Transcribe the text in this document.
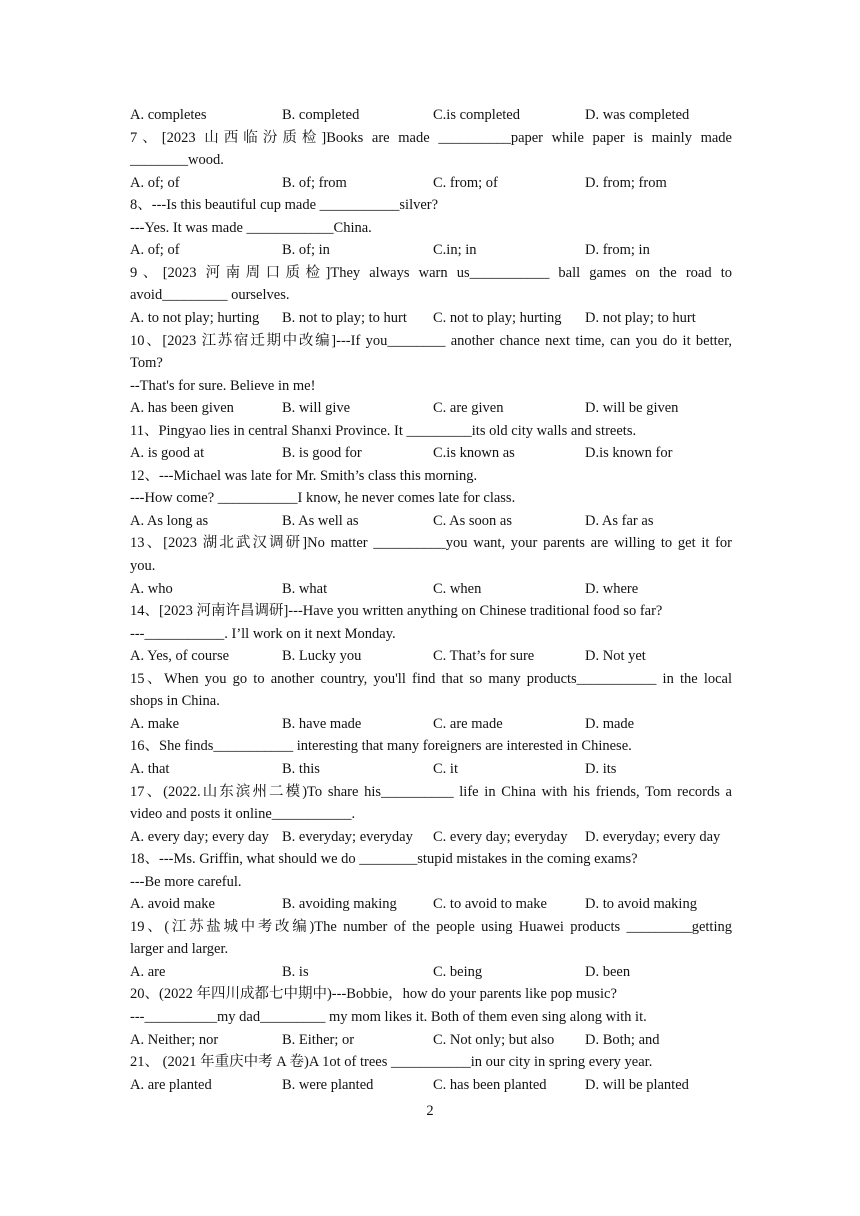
A. completes	B. completed	C.is completed	D. was completed
7、[2023 山西临汾质检]Books are made __________paper while paper is mainly made
________wood.
A. of; of	B. of; from	C. from; of	D. from; from
8、---Is this beautiful cup made ___________silver?
---Yes. It was made ____________China.
A. of; of	B. of; in	C.in; in	D. from; in
9、[2023 河南周口质检]They always warn us___________ ball games on the road to
avoid_________ ourselves.
A. to not play; hurting	B. not to play; to hurt	C. not to play; hurting	D. not play; to hurt
10、[2023 江苏宿迁期中改编]---If you________ another chance next time, can you do it better,
Tom?
--That's for sure. Believe in me!
A. has been given	B. will give	C. are given	D. will be given
11、Pingyao lies in central Shanxi Province. It _________its old city walls and streets.
A. is good at	B. is good for	C.is known as	D.is known for
12、---Michael was late for Mr. Smith’s class this morning.
---How come? ___________I know, he never comes late for class.
A. As long as	B. As well as	C. As soon as	D. As far as
13、[2023 湖北武汉调研]No matter __________you want, your parents are willing to get it for
you.
A. who	B. what	C. when	D. where
14、[2023 河南许昌调研]---Have you written anything on Chinese traditional food so far?
---___________. I’ll work on it next Monday.
A. Yes, of course	B. Lucky you	C. That’s for sure	D. Not yet
15、When you go to another country, you'll find that so many products___________ in the local
shops in China.
A. make	B. have made	C. are made	D. made
16、She finds___________ interesting that many foreigners are interested in Chinese.
A. that	B. this	C. it	D. its
17、(2022.山东滨州二模)To share his__________ life in China with his friends, Tom records a
video and posts it online___________.
A. every day; every day B. everyday; everyday	C. every day; everyday	D. everyday; every day
18、---Ms. Griffin, what should we do ________stupid mistakes in the coming exams?
---Be more careful.
A. avoid make	B. avoiding making	C. to avoid to make	D. to avoid making
19、(江苏盐城中考改编)The number of the people using Huawei products _________getting
larger and larger.
A. are	B. is	C. being	D. been
20、(2022 年四川成都七中期中)---Bobbie，how do your parents like pop music?
---__________my dad_________ my mom likes it. Both of them even sing along with it.
A. Neither; nor	B. Either; or	C. Not only; but also	D. Both; and
21、 (2021 年重庆中考 A 卷)A 1ot of trees ___________in our city in spring every year.
A. are planted	B. were planted	C. has been planted	D. will be planted
2
